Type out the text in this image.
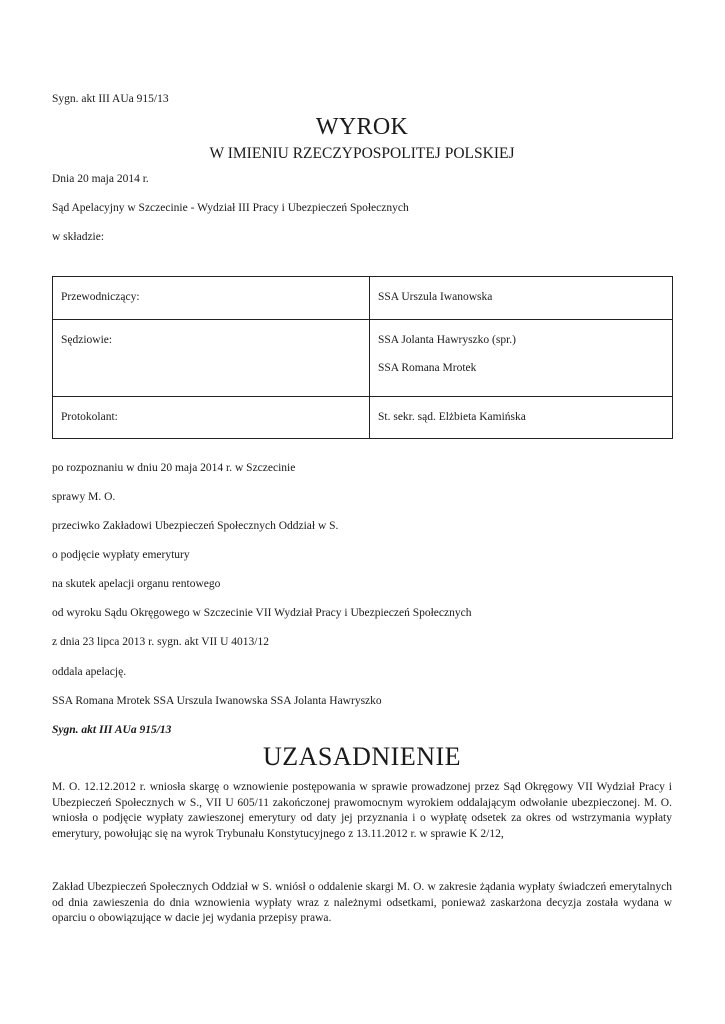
Sygn. akt III AUa 915/13
WYROK
W IMIENIU RZECZYPOSPOLITEJ POLSKIEJ
Dnia 20 maja 2014 r.
Sąd Apelacyjny w Szczecinie - Wydział III Pracy i Ubezpieczeń Społecznych
w składzie:
Przewodniczący:	SSA Urszula Iwanowska

Sędziowie:	SSA Jolanta Hawryszko (spr.)
SSA Romana Mrotek

Protokolant:	St. sekr. sąd. Elżbieta Kamińska
po rozpoznaniu w dniu 20 maja 2014 r. w Szczecinie
sprawy M. O.
przeciwko Zakładowi Ubezpieczeń Społecznych Oddział w S.
o podjęcie wypłaty emerytury
na skutek apelacji organu rentowego
od wyroku Sądu Okręgowego w Szczecinie VII Wydział Pracy i Ubezpieczeń Społecznych
z dnia 23 lipca 2013 r. sygn. akt VII U 4013/12
oddala apelację.
SSA Romana Mrotek SSA Urszula Iwanowska SSA Jolanta Hawryszko
Sygn. akt III AUa 915/13
UZASADNIENIE
M. O. 12.12.2012 r. wniosła skargę o wznowienie postępowania w sprawie prowadzonej przez Sąd Okręgowy VII Wydział Pracy i Ubezpieczeń Społecznych w S., VII U 605/11 zakończonej prawomocnym wyrokiem oddalającym odwołanie ubezpieczonej. M. O. wniosła o podjęcie wypłaty zawieszonej emerytury od daty jej przyznania i o wypłatę odsetek za okres od wstrzymania wypłaty emerytury, powołując się na wyrok Trybunału Konstytucyjnego z 13.11.2012 r. w sprawie K 2/12,
Zakład Ubezpieczeń Społecznych Oddział w S. wniósł o oddalenie skargi M. O. w zakresie żądania wypłaty świadczeń emerytalnych od dnia zawieszenia do dnia wznowienia wypłaty wraz z należnymi odsetkami, ponieważ zaskarżona decyzja została wydana w oparciu o obowiązujące w dacie jej wydania przepisy prawa.
